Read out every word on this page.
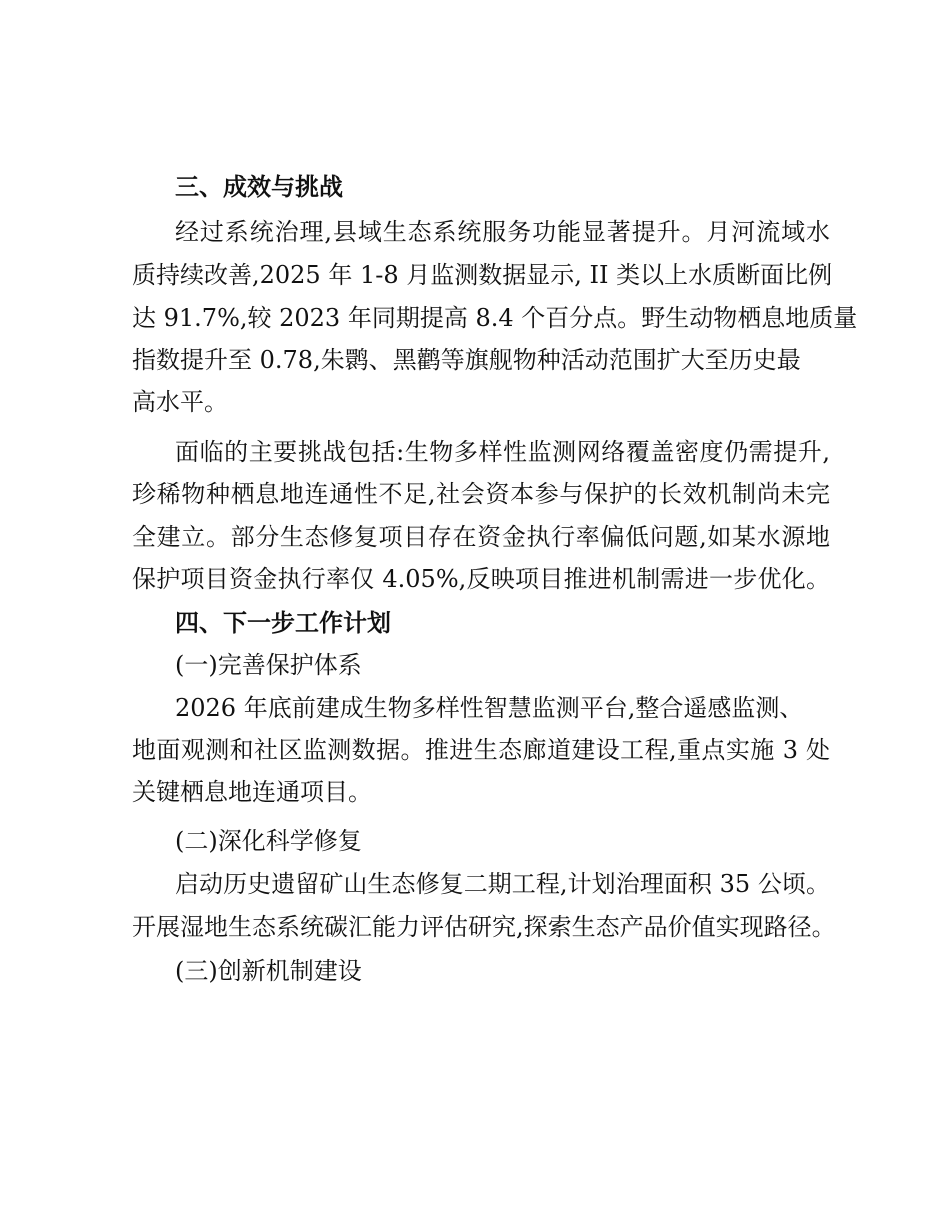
三、成效与挑战
经过系统治理,县域生态系统服务功能显著提升。月河流域水
质持续改善,2025 年 1-8 月监测数据显示, II 类以上水质断面比例
达 91.7%,较 2023 年同期提高 8.4 个百分点。野生动物栖息地质量
指数提升至 0.78,朱鹮、黑鹳等旗舰物种活动范围扩大至历史最
高水平。
面临的主要挑战包括:生物多样性监测网络覆盖密度仍需提升,
珍稀物种栖息地连通性不足,社会资本参与保护的长效机制尚未完
全建立。部分生态修复项目存在资金执行率偏低问题,如某水源地
保护项目资金执行率仅 4.05%,反映项目推进机制需进一步优化。
四、下一步工作计划
(一)完善保护体系
2026 年底前建成生物多样性智慧监测平台,整合遥感监测、
地面观测和社区监测数据。推进生态廊道建设工程,重点实施 3 处
关键栖息地连通项目。
(二)深化科学修复
启动历史遗留矿山生态修复二期工程,计划治理面积 35 公顷。
开展湿地生态系统碳汇能力评估研究,探索生态产品价值实现路径。
(三)创新机制建设
